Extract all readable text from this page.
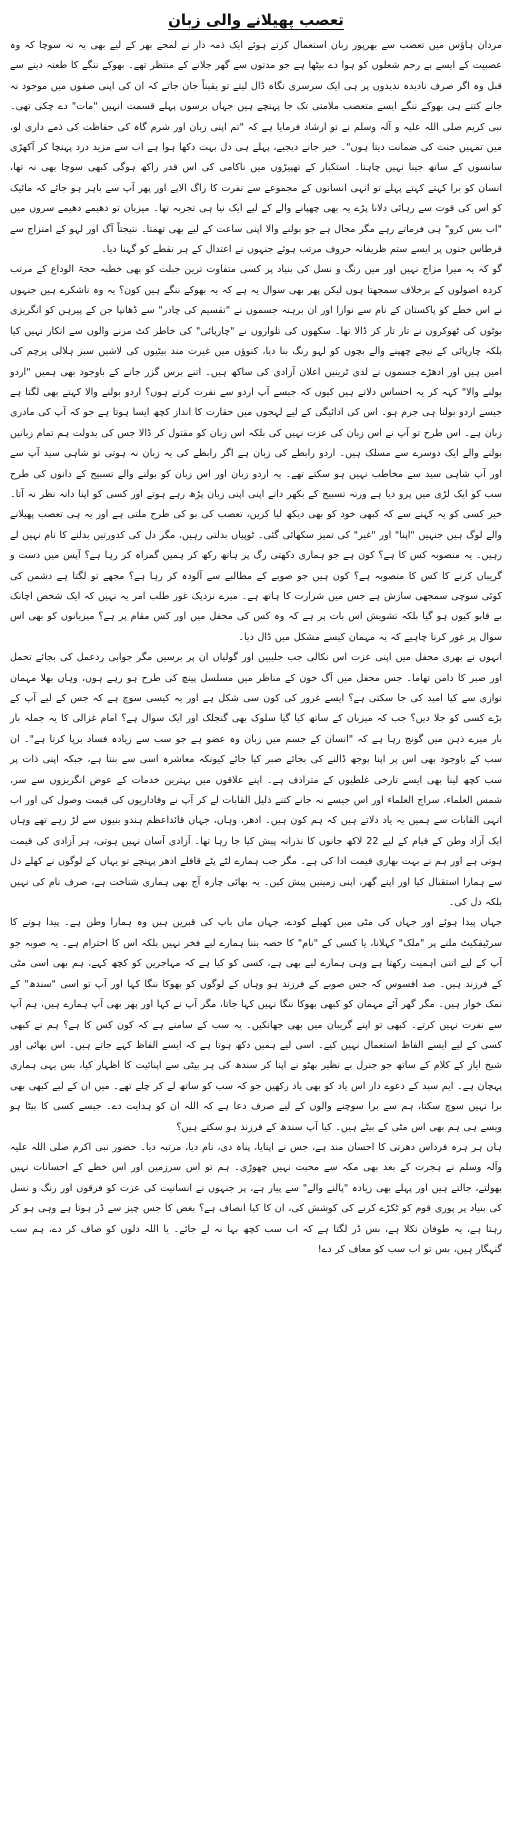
تعصب پھیلانے والی زبان

مردان ہاؤس میں تعصب سے بھرپور زبان استعمال کرتے ہوئے ایک ذمہ دار نے لمحے بھر کے لیے بھی یہ نہ سوچا کہ وہ عصبیت کے ایسے بے رحم شعلوں کو ہوا دے بیٹھا ہے جو مدتوں سے گھر جلانے کے منتظر تھے۔ بھوکے ننگے کا طعنہ دینے سے قبل وہ اگر صرف نادیدہ ندیدوں پر ہی ایک سرسری نگاہ ڈال لیتے تو یقیناً جان جاتے کہ ان کی اپنی صفوں میں موجود نہ جانے کتنے ہی بھوکے ننگے ایسے متعصب ملامتی تک جا پہنچے ہیں جہاں برسوں پہلے قسمت انہیں "مات" دے چکی تھی۔ نبی کریم صلی اللہ علیہ و آلہ وسلم نے تو ارشاد فرمایا ہے کہ "تم اپنی زبان اور شرم گاہ کی حفاظت کی ذمے داری لو، میں تمہیں جنت کی ضمانت دیتا ہوں"۔ خیر جانے دیجیے، پہلے ہی دل بہت دکھا ہوا ہے اب سے مزید درد پہنچا کر آکھڑی سانسوں کے ساتھ جینا نہیں چاہتا۔ استکبار کے تھپیڑوں میں ناکامی کی اس قدر راکھ ہوگی کبھی سوچا بھی نہ تھا، انسان کو برا کہتے کہتے پہلے تو انہی انسانوں کے مجموعے سے نفرت کا راگ الاپے اور پھر آپ سے باہر ہو جائے کہ مائیک کو اس کی قوت سے رہائی دلانا پڑے یہ بھی چھپانے والے کے لیے ایک نیا ہی تجربہ تھا۔ میزبان تو دھیمے دھیمے سروں میں "اب بس کرو" ہی فرماتے رہے مگر مجال ہے جو بولنے والا اپنی ساعت کے لیے بھی تھمتا۔ نتیجتاً آگ اور لہو کے امتزاج سے قرطاس جنوں پر ایسے ستم ظریفانہ حروف مرتب ہوئے جنہوں نے اعتدال کے ہر نقطے کو گہنا دیا۔

گو کہ یہ میرا مزاج نہیں اور میں رنگ و نسل کی بنیاد پر کسی متفاوت ترین جبلت کو بھی خطبہ حجۃ الوداع کے مرتب کردہ اصولوں کے برخلاف سمجھتا ہوں لیکن پھر بھی سوال یہ ہے کہ یہ بھوکے ننگے ہیں کون؟ یہ وہ ناشکرے ہیں جنہوں نے اس خطے کو پاکستان کے نام سے نوازا اور ان برہنہ جسموں نے "تقسیم کی چادر" سے ڈھانپا جن کے پیرہن کو انگریزی بوٹوں کی ٹھوکروں نے تار تار کر ڈالا تھا۔ سکھوں کی تلواروں نے "چارپائی" کی خاطر کٹ مرنے والوں سے انکار نہیں کیا بلکہ چارپائی کے نیچے چھپنے والے بچوں کو لہو رنگ بنا دیا، کنوؤں میں غیرت مند بیٹیوں کی لاشیں سبز ہلالی پرچم کی امین ہیں اور ادھڑے جسموں نے لدی ٹرینیں اعلان آزادی کی ساکھ ہیں۔ اتنے برس گزر جانے کے باوجود بھی ہمیں "اردو بولنے والا" کہہ کر یہ احساس دلاتے ہیں کیوں کہ جیسے آپ اردو سے نفرت کرتے ہوں؟ اردو بولنے والا کہتے بھی لگتا ہے جیسے اردو بولنا ہی جرم ہو۔ اس کی ادائیگی کے لیے لہجوں میں حقارت کا انداز کچھ ایسا ہوتا ہے جو کہ آپ کی مادری زبان ہے۔ اس طرح تو آپ نے اس زبان کی عزت نہیں کی بلکہ اس زبان کو مقتول کر ڈالا جس کی بدولت ہم تمام زبانیں بولنے والے ایک دوسرے سے مسلک ہیں۔ اردو رابطے کی زبان ہے اگر رابطے کی یہ زبان نہ ہوتی تو شاہی سید آپ سے اور آپ شاہی سید سے مخاطب نہیں ہو سکتے تھے۔ یہ اردو زبان اور اس زبان کو بولنے والے تسبیح کے دانوں کی طرح سب کو ایک لڑی میں پرو دیا ہے ورنہ تسبیح کے بکھر دانے اپنی اپنی زبان پڑھ رہے ہوتے اور کسی کو اپنا دانہ نظر نہ آتا۔ خیر کسی کو یہ کہنے سے کہ کبھی خود کو بھی دیکھ لیا کریں، تعصب کی بو کی طرح ملتی ہے اور یہ ہی تعصب پھیلانے والے لوگ ہیں جنہیں "اپنا" اور "غیر" کی تمیز سکھائی گئی۔ ٹوپیاں بدلتی رہیں، مگر دل کی کدورتیں بدلنے کا نام نہیں لے رہیں۔ یہ منصوبہ کس کا ہے؟ کون ہے جو ہماری دکھتی رگ پر ہاتھ رکھ کر ہمیں گمراہ کر رہا ہے؟ آپس میں دست و گریباں کرنے کا کس کا منصوبہ ہے؟ کون ہیں جو صوبے کے مطالبے سے آلودہ کر رہا ہے؟ مجھے تو لگتا ہے دشمن کی کوئی سوچی سمجھی سازش ہے جس میں شرارت کا ہاتھ ہے۔ میرے نزدیک غور طلب امر یہ نہیں کہ ایک شخص اچانک بے قابو کیوں ہو گیا بلکہ تشویش اس بات پر ہے کہ وہ کس کی محفل میں اور کس مقام پر ہے؟ میزبانوں کو بھی اس سوال پر غور کرنا چاہیے کہ یہ مہمان کیسے مشکل میں ڈال دیا۔

انہوں نے بھری محفل میں اپنی عزت اس نکالی جب جلیبیں اور گولیاں ان پر برسیں مگر جوابی ردعمل کی بجائے تحمل اور صبر کا دامن تھاما۔ جس محفل میں آگ خون کے مناظر میں مسلسل پینچ کی طرح ہو رہے ہوں، وہاں بھلا مہمان نوازی سے کیا امید کی جا سکتی ہے؟ ایسے غرور کی کون سی شکل ہے اور یہ کیسی سوچ ہے کہ جس کے لیے آپ کے بڑے کسی کو جلا دیں؟ جب کہ میزبان کے ساتھ کیا گیا سلوک بھی گنجلک اور ایک سوال ہے؟ امام غزالی کا یہ جملہ بار بار میرے ذہن میں گونج رہا ہے کہ "انسان کے جسم میں زبان وہ عضو ہے جو سب سے زیادہ فساد برپا کرتا ہے"۔ ان سب کے باوجود بھی اس پر اپنا بوجھ ڈالنے کی بجائے صبر کیا جائے کیونکہ معاشرہ اسی سے بنتا ہے، جبکہ اپنی ذات پر سب کچھ لینا بھی ایسے تارخی غلطیوں کے مترادف ہے۔ اپنے علاقوں میں بہترین خدمات کے عوض انگریزوں سے سر، شمس العلماء، سراج العلماء اور اس جیسے نہ جانے کتنے ذلیل القابات لے کر آپ نے وفاداریوں کی قیمت وصول کی اور اب انہی القابات سے ہمیں یہ یاد دلاتے ہیں کہ ہم کون ہیں۔ ادھر، وہاں، جہاں قائداعظم ہندو بنیوں سے لڑ رہے تھے وہاں ایک آزاد وطن کے قیام کے لیے 22 لاکھ جانوں کا نذرانہ پیش کیا جا رہا تھا۔ آزادی آسان نہیں ہوتی، ہر آزادی کی قیمت ہوتی ہے اور ہم نے بہت بھاری قیمت ادا کی ہے۔ مگر جب ہمارے لٹے پٹے قافلے ادھر پہنچے تو یہاں کے لوگوں نے کھلے دل سے ہمارا استقبال کیا اور اپنے گھر، اپنی زمینیں پیش کیں۔ یہ بھائی چارہ آج بھی ہماری شناخت ہے، صرف نام کی نہیں بلکہ دل کی۔

جہاں پیدا ہوئے اور جہاں کی مٹی میں کھیلے کودے، جہاں ماں باپ کی قبریں ہیں وہ ہمارا وطن ہے۔ پیدا ہونے کا سرٹیفکیٹ ملنے پر "ملک" کہلانا، یا کسی کے "نام" کا حصہ بننا ہمارے لیے فخر نہیں بلکہ اس کا احترام ہے۔ یہ صوبہ جو آپ کے لیے اتنی اہمیت رکھتا ہے وہی ہمارے لیے بھی ہے، کسی کو کیا ہے کہ مہاجرین کو کچھ کہے، ہم بھی اسی مٹی کے فرزند ہیں۔ صد افسوس کہ جس صوبے کے فرزند ہو وہاں کے لوگوں کو بھوکا ننگا کہا اور آپ تو اسی "سندھ" کے نمک خوار ہیں۔ مگر گھر آئے مہمان کو کبھی بھوکا ننگا نہیں کہا جاتا، مگر آپ نے کہا اور پھر بھی آپ ہمارے ہیں، ہم آپ سے نفرت نہیں کرتے۔ کبھی تو اپنے گریبان میں بھی جھانکیں۔ یہ سب کے سامنے ہے کہ کون کس کا ہے؟ ہم نے کبھی کسی کے لیے ایسے الفاظ استعمال نہیں کیے۔ اسی لیے ہمیں دکھ ہوتا ہے کہ ایسے الفاظ کہے جاتے ہیں۔ اس بھائی اور شیخ ایاز کے کلام کے ساتھ جو جنرل بے نظیر بھٹو نے اپنا کر سندھ کی ہر بیٹی سے اپنائیت کا اظہار کیا، بس یہی ہماری پہچان ہے۔ ایم سید کے دعوے دار اس یاد کو بھی یاد رکھیں جو کہ سب کو ساتھ لے کر چلے تھے۔ میں ان کے لیے کبھی بھی برا نہیں سوچ سکتا، ہم سے برا سوچنے والوں کے لیے صرف دعا ہے کہ اللہ ان کو ہدایت دے۔ جیسے کسی کا بیٹا ہو ویسے ہی ہم بھی اس مٹی کے بیٹے ہیں۔ کیا آپ سندھ کے فرزند ہو سکتے ہیں؟

ہاں ہر ہرہ فرداس دھرتی کا احسان مند ہے، جس نے اپنایا، پناہ دی، نام دیا، مرتبہ دیا۔ حضور نبی اکرم صلی اللہ علیہ وآلہ وسلم نے ہجرت کے بعد بھی مکہ سے محبت نہیں چھوڑی۔ ہم تو اس سرزمین اور اس خطے کے احسانات نہیں بھولتے، جالتے ہیں اور پہلے بھی زیادہ "پالنے والے" سے پیار ہے، پر جنہوں نے انسانیت کی عزت کو فرقوں اور رنگ و نسل کی بنیاد پر پوری قوم کو ٹکڑے کرنے کی کوشش کی، ان کا کیا انصاف ہے؟ بغض کا جس چیز سے ڈر ہوتا ہے وہی ہو کر رہتا ہے، یہ طوفان نکلا ہے، بس ڈر لگتا ہے کہ اب سب کچھ بہا نہ لے جائے۔ یا اللہ دلوں کو صاف کر دے، ہم سب گنہگار ہیں، بس تو اب سب کو معاف کر دے!
